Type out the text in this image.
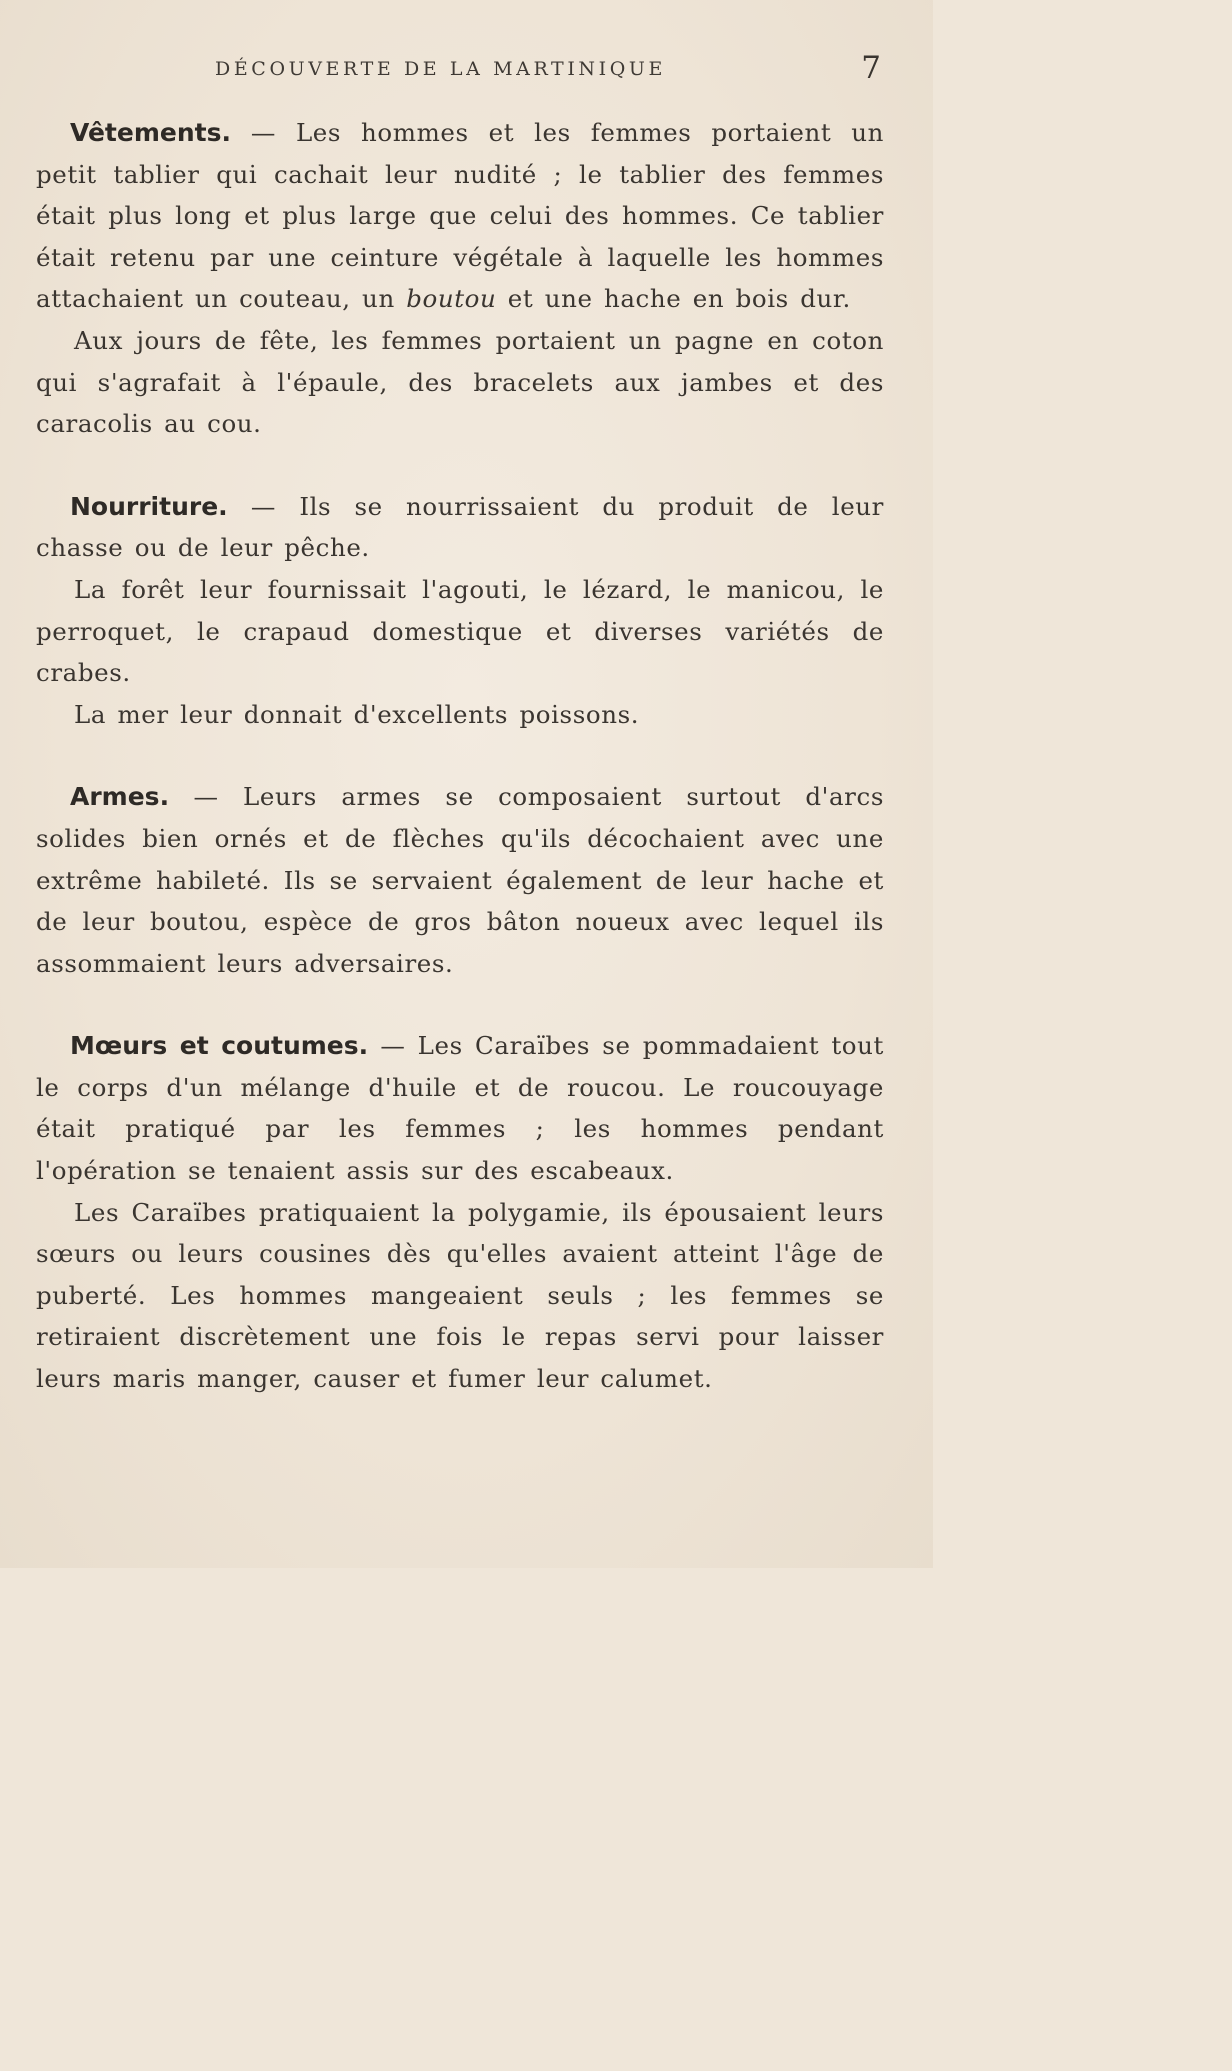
DÉCOUVERTE DE LA MARTINIQUE	7

Vêtements. — Les hommes et les femmes portaient un petit tablier qui cachait leur nudité ; le tablier des femmes était plus long et plus large que celui des hommes. Ce tablier était retenu par une ceinture végétale à laquelle les hommes attachaient un couteau, un boutou et une hache en bois dur.

Aux jours de fête, les femmes portaient un pagne en coton qui s'agrafait à l'épaule, des bracelets aux jambes et des caracolis au cou.

Nourriture. — Ils se nourrissaient du produit de leur chasse ou de leur pêche.

La forêt leur fournissait l'agouti, le lézard, le manicou, le perroquet, le crapaud domestique et diverses variétés de crabes.

La mer leur donnait d'excellents poissons.

Armes. — Leurs armes se composaient surtout d'arcs solides bien ornés et de flèches qu'ils décochaient avec une extrême habileté. Ils se servaient également de leur hache et de leur boutou, espèce de gros bâton noueux avec lequel ils assommaient leurs adversaires.

Mœurs et coutumes. — Les Caraïbes se pommadaient tout le corps d'un mélange d'huile et de roucou. Le roucouyage était pratiqué par les femmes ; les hommes pendant l'opération se tenaient assis sur des escabeaux.

Les Caraïbes pratiquaient la polygamie, ils épousaient leurs sœurs ou leurs cousines dès qu'elles avaient atteint l'âge de puberté. Les hommes mangeaient seuls ; les femmes se retiraient discrètement une fois le repas servi pour laisser leurs maris manger, causer et fumer leur calumet.
